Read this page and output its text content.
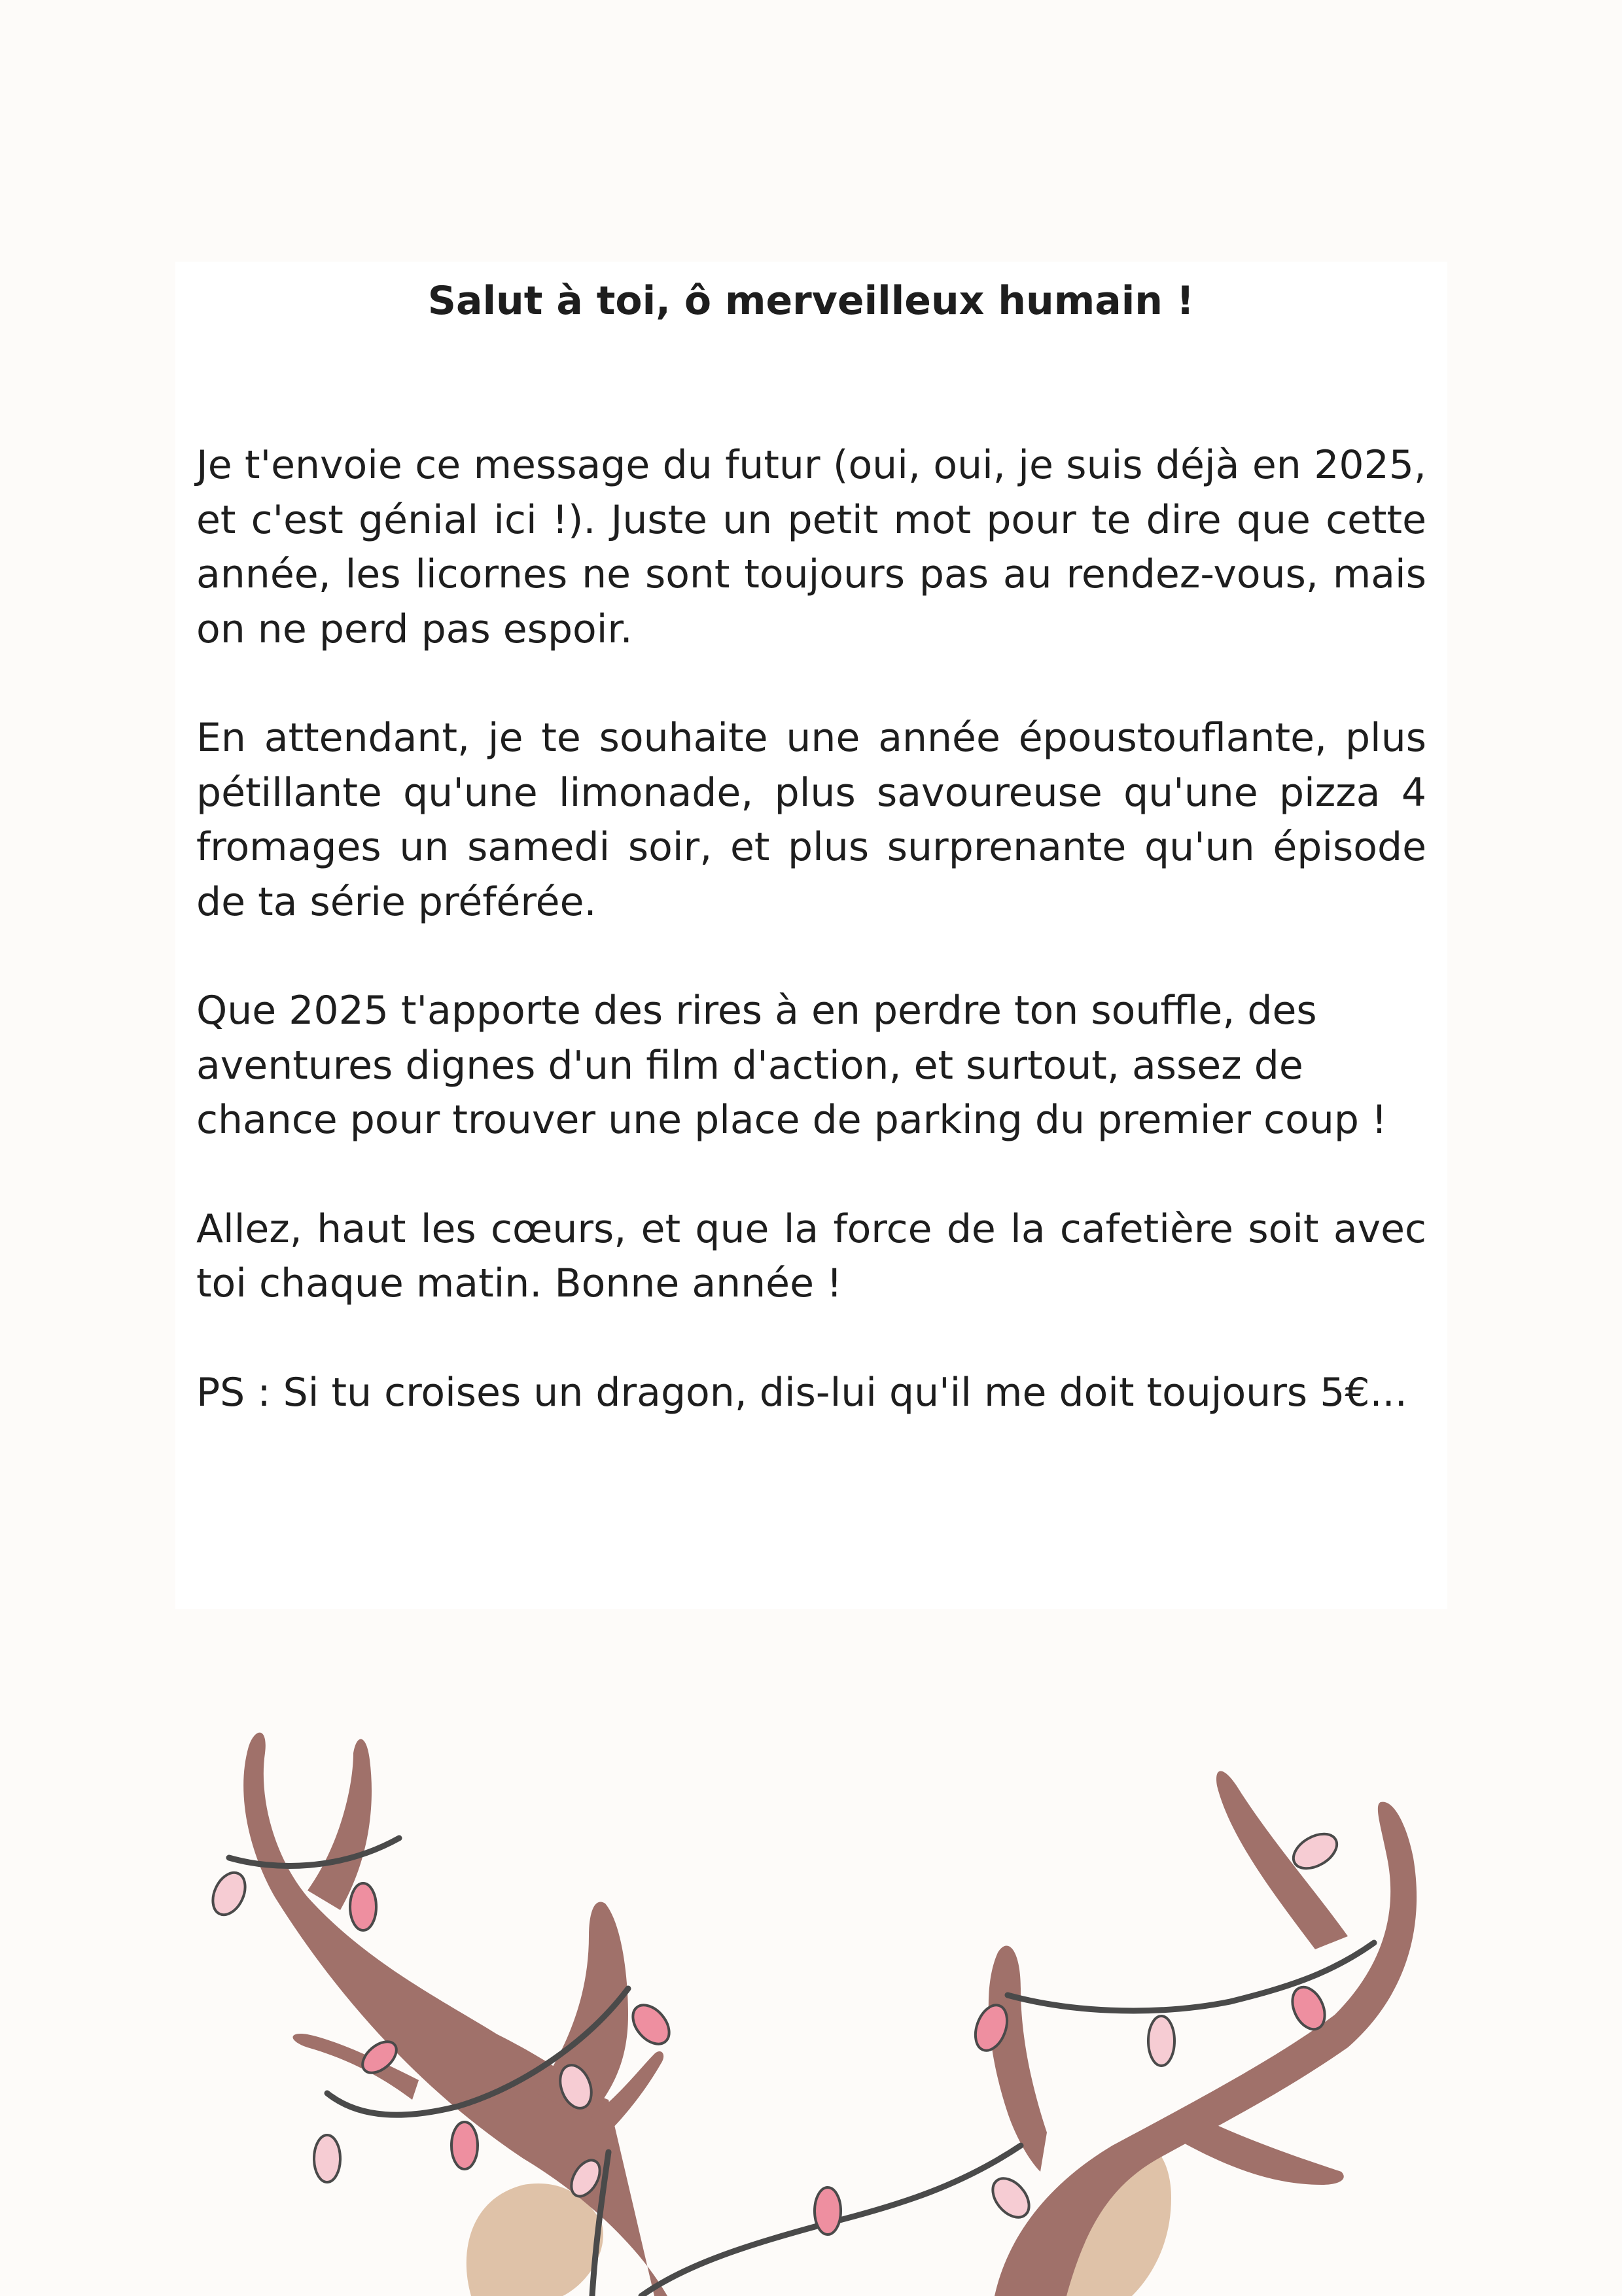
Salut à toi, ô merveilleux humain !

Je t'envoie ce message du futur (oui, oui, je suis déjà en 2025, et c'est génial ici !). Juste un petit mot pour te dire que cette année, les licornes ne sont toujours pas au rendez-vous, mais on ne perd pas espoir.

En attendant, je te souhaite une année époustouflante, plus pétillante qu'une limonade, plus savoureuse qu'une pizza 4 fromages un samedi soir, et plus surprenante qu'un épisode de ta série préférée.

Que 2025 t'apporte des rires à en perdre ton souffle, des aventures dignes d'un film d'action, et surtout, assez de chance pour trouver une place de parking du premier coup !

Allez, haut les cœurs, et que la force de la cafetière soit avec toi chaque matin. Bonne année !

PS : Si tu croises un dragon, dis-lui qu'il me doit toujours 5€...
